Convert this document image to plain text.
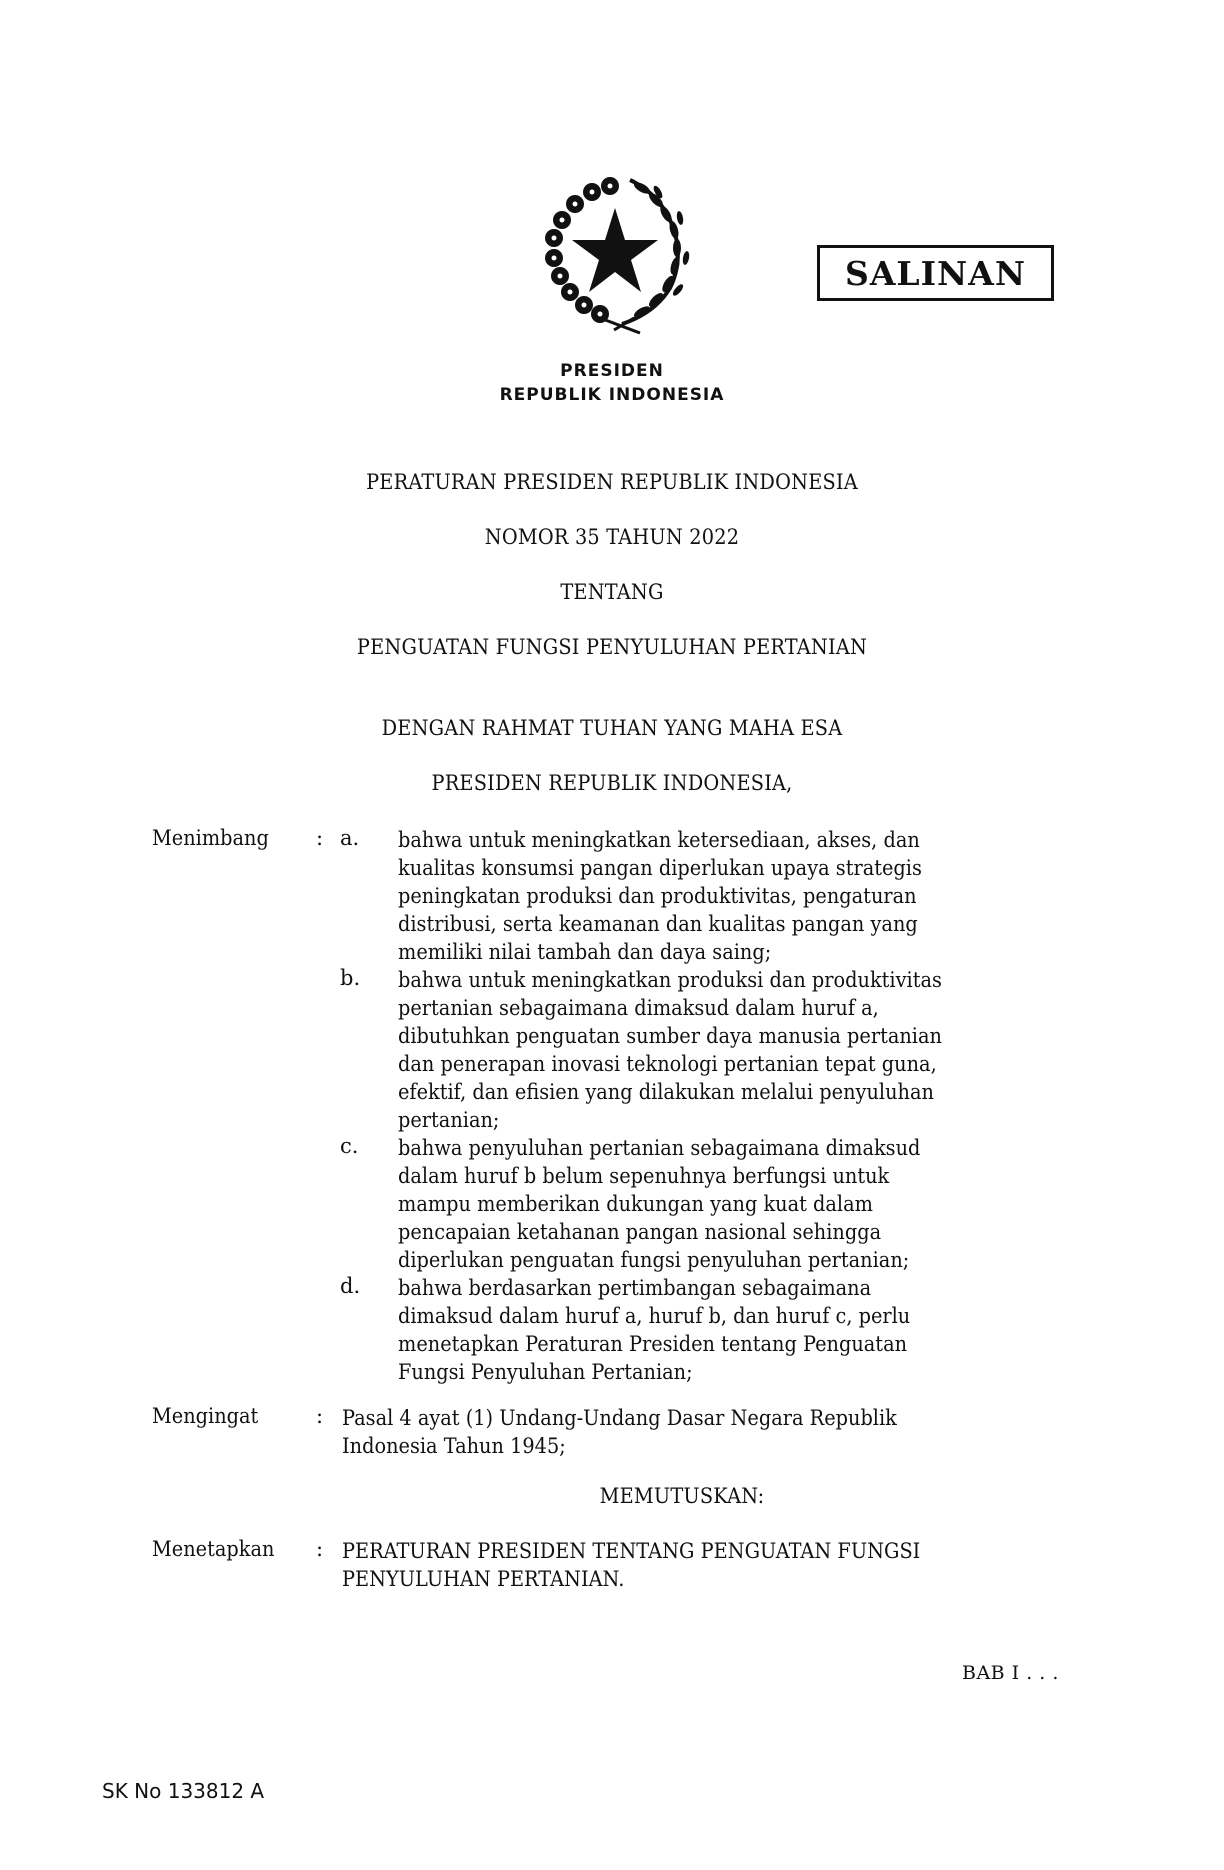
PRESIDEN
REPUBLIK INDONESIA
SALINAN
PERATURAN PRESIDEN REPUBLIK INDONESIA
NOMOR 35 TAHUN 2022
TENTANG
PENGUATAN FUNGSI PENYULUHAN PERTANIAN
DENGAN RAHMAT TUHAN YANG MAHA ESA
PRESIDEN REPUBLIK INDONESIA,
Menimbang : a. bahwa untuk meningkatkan ketersediaan, akses, dan
kualitas konsumsi pangan diperlukan upaya strategis
peningkatan produksi dan produktivitas, pengaturan
distribusi, serta keamanan dan kualitas pangan yang
memiliki nilai tambah dan daya saing;
b. bahwa untuk meningkatkan produksi dan produktivitas
pertanian sebagaimana dimaksud dalam huruf a,
dibutuhkan penguatan sumber daya manusia pertanian
dan penerapan inovasi teknologi pertanian tepat guna,
efektif, dan efisien yang dilakukan melalui penyuluhan
pertanian;
c. bahwa penyuluhan pertanian sebagaimana dimaksud
dalam huruf b belum sepenuhnya berfungsi untuk
mampu memberikan dukungan yang kuat dalam
pencapaian ketahanan pangan nasional sehingga
diperlukan penguatan fungsi penyuluhan pertanian;
d. bahwa berdasarkan pertimbangan sebagaimana
dimaksud dalam huruf a, huruf b, dan huruf c, perlu
menetapkan Peraturan Presiden tentang Penguatan
Fungsi Penyuluhan Pertanian;
Mengingat	: Pasal 4 ayat (1) Undang-Undang Dasar Negara Republik
Indonesia Tahun 1945;
MEMUTUSKAN:
Menetapkan : PERATURAN PRESIDEN TENTANG PENGUATAN FUNGSI
PENYULUHAN PERTANIAN.
BAB I . . .
SK No 133812 A
